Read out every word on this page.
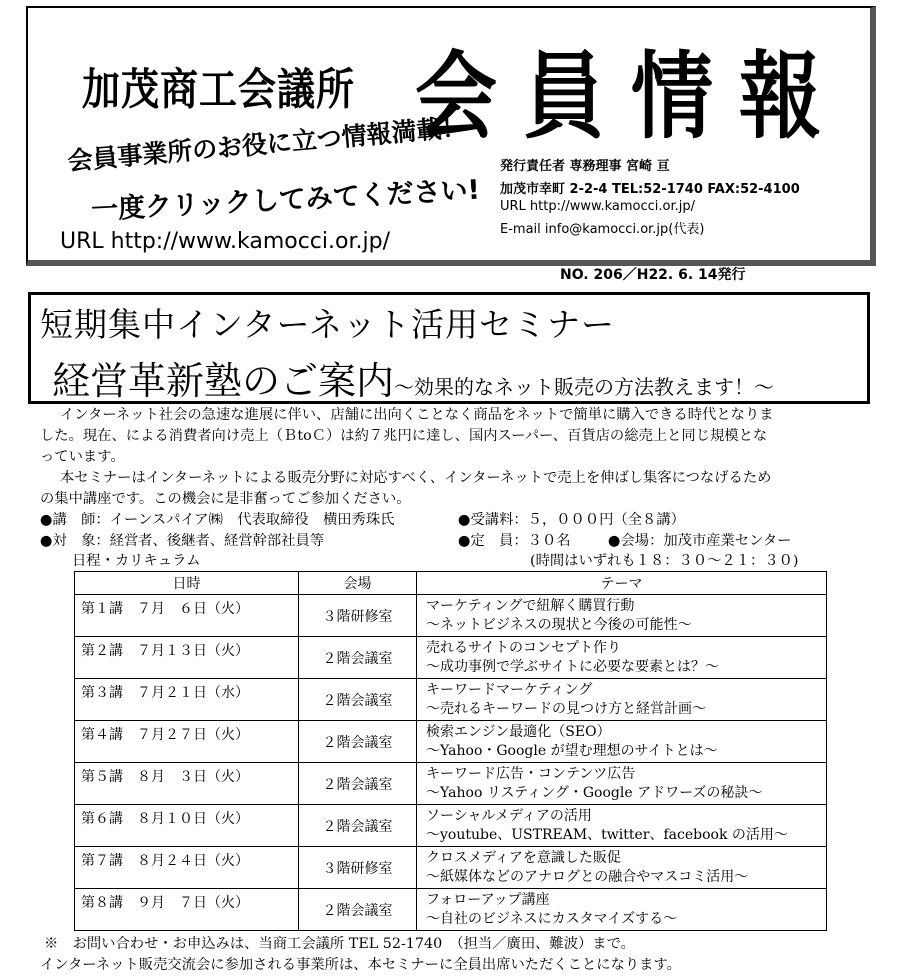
加茂商工会議所 会員情報
会員事業所のお役に立つ情報満載！
一度クリックしてみてください!
URL http://www.kamocci.or.jp/
発行責任者 専務理事 宮崎 亘
加茂市幸町 2-2-4 TEL:52-1740 FAX:52-4100
URL http://www.kamocci.or.jp/
E-mail info@kamocci.or.jp(代表)
NO. 206／H22. 6. 14発行
短期集中インターネット活用セミナー
経営革新塾のご案内～効果的なネット販売の方法教えます！～
インターネット社会の急速な進展に伴い、店舗に出向くことなく商品をネットで簡単に購入できる時代となりま
した。現在、による消費者向け売上（ＢtoＣ）は約７兆円に達し、国内スーパー、百貨店の総売上と同じ規模とな
っています。
本セミナーはインターネットによる販売分野に対応すべく、インターネットで売上を伸ばし集客につなげるため
の集中講座です。この機会に是非奮ってご参加ください。
●講　師：イーンスパイア㈱　代表取締役　横田秀珠氏	●受講料：５，０００円（全８講）
●対　象：経営者、後継者、経営幹部社員等	●定　員：３０名	●会場：加茂市産業センター
日程・カリキュラム	(時間はいずれも１８：３０～２１：３０)
日時	会場	テーマ
第１講　７月　６日（火）	３階研修室	マーケティングで紐解く購買行動
～ネットビジネスの現状と今後の可能性～

第２講　７月１３日（火）	２階会議室	売れるサイトのコンセプト作り
～成功事例で学ぶサイトに必要な要素とは？～

第３講　７月２１日（水）	２階会議室	キーワードマーケティング
～売れるキーワードの見つけ方と経営計画～

第４講　７月２７日（火）	２階会議室	検索エンジン最適化（SEO）
～Yahoo・Google が望む理想のサイトとは～

第５講　８月　３日（火）	２階会議室	キーワード広告・コンテンツ広告
～Yahoo リスティング・Google アドワーズの秘訣～

第６講　８月１０日（火）	２階会議室	ソーシャルメディアの活用
～youtube、USTREAM、twitter、facebook の活用～

第７講　８月２４日（火）	３階研修室	クロスメディアを意識した販促
～紙媒体などのアナログとの融合やマスコミ活用～

第８講　９月　７日（火）	２階会議室	フォローアップ講座
～自社のビジネスにカスタマイズする～
※　お問い合わせ・お申込みは、当商工会議所 TEL 52-1740　（担当／廣田、難波）まで。
インターネット販売交流会に参加される事業所は、本セミナーに全員出席いただくことになります。
